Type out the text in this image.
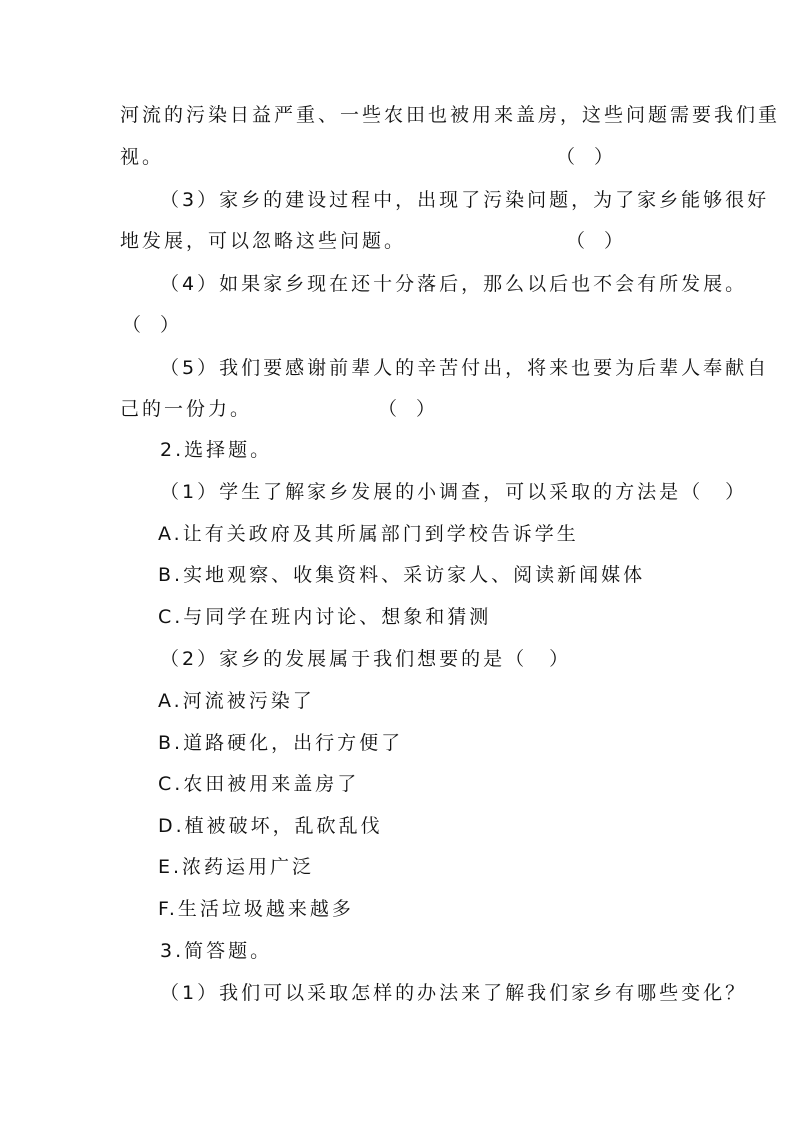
河流的污染日益严重、一些农田也被用来盖房，这些问题需要我们重
视。	（　）
（3）家乡的建设过程中，出现了污染问题，为了家乡能够很好
地发展，可以忽略这些问题。	（　）
（4）如果家乡现在还十分落后，那么以后也不会有所发展。
（　）
（5）我们要感谢前辈人的辛苦付出，将来也要为后辈人奉献自
己的一份力。	（　）
2.选择题。
（1）学生了解家乡发展的小调查，可以采取的方法是（　）
A.让有关政府及其所属部门到学校告诉学生
B.实地观察、收集资料、采访家人、阅读新闻媒体
C.与同学在班内讨论、想象和猜测
（2）家乡的发展属于我们想要的是（　）
A.河流被污染了
B.道路硬化，出行方便了
C.农田被用来盖房了
D.植被破坏，乱砍乱伐
E.浓药运用广泛
F.生活垃圾越来越多
3.简答题。
（1）我们可以采取怎样的办法来了解我们家乡有哪些变化？
